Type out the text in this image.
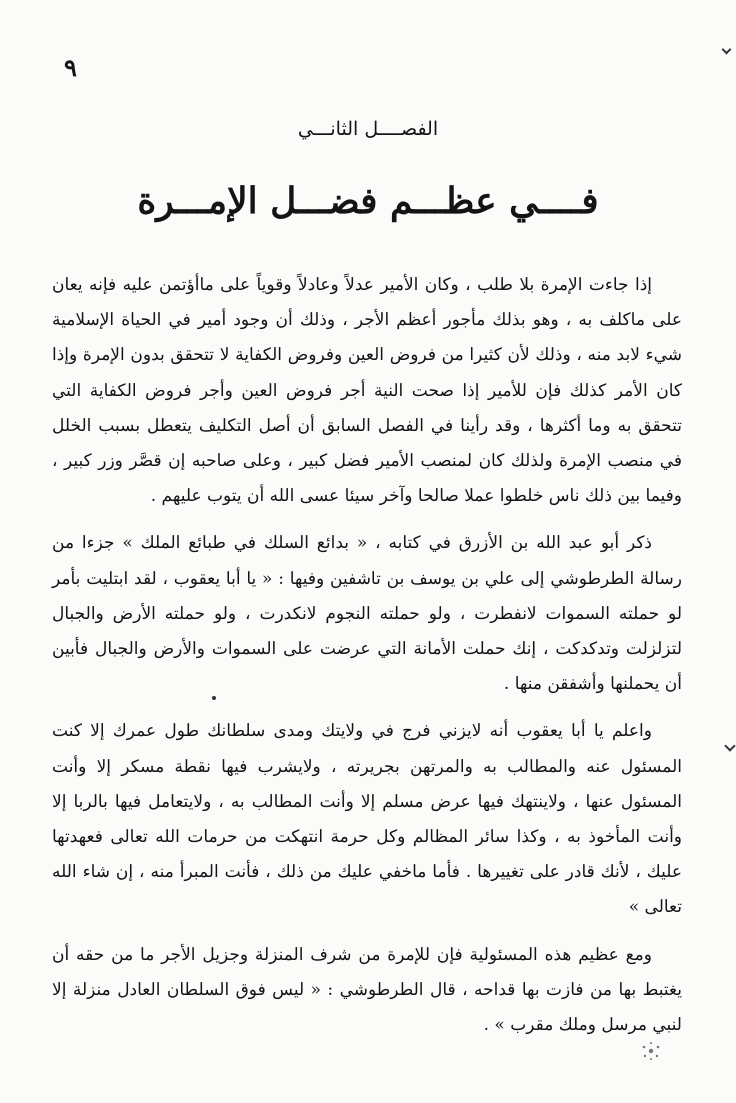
٩
الفصــــل الثانـــي
فــــي عظـــم فضـــل الإمـــرة

إذا جاءت الإمرة بلا طلب ، وكان الأمير عدلاً وعادلاً وقوياً على ماأؤتمن عليه فإنه يعان على ماكلف به ، وهو بذلك مأجور أعظم الأجر ، وذلك أن وجود أمير في الحياة الإسلامية شيء لابد منه ، وذلك لأن كثيرا من فروض العين وفروض الكفاية لا تتحقق بدون الإمرة وإذا كان الأمر كذلك فإن للأمير إذا صحت النية أجر فروض العين وأجر فروض الكفاية التي تتحقق به وما أكثرها ، وقد رأينا في الفصل السابق أن أصل التكليف يتعطل بسبب الخلل في منصب الإمرة ولذلك كان لمنصب الأمير فضل كبير ، وعلى صاحبه إن قصَّر وزر كبير ، وفيما بين ذلك ناس خلطوا عملا صالحا وآخر سيئا عسى الله أن يتوب عليهم .

ذكر أبو عبد الله بن الأزرق في كتابه ، « بدائع السلك في طبائع الملك » جزءا من رسالة الطرطوشي إلى علي بن يوسف بن تاشفين وفيها : « يا أبا يعقوب ، لقد ابتليت بأمر لو حملته السموات لانفطرت ، ولو حملته النجوم لانكدرت ، ولو حملته الأرض والجبال لتزلزلت وتدكدكت ، إنك حملت الأمانة التي عرضت على السموات والأرض والجبال فأبين أن يحملنها وأشفقن منها .

واعلم يا أبا يعقوب أنه لايزني فرج في ولايتك ومدى سلطانك طول عمرك إلا كنت المسئول عنه والمطالب به والمرتهن بجريرته ، ولايشرب فيها نقطة مسكر إلا وأنت المسئول عنها ، ولاينتهك فيها عرض مسلم إلا وأنت المطالب به ، ولايتعامل فيها بالربا إلا وأنت المأخوذ به ، وكذا سائر المظالم وكل حرمة انتهكت من حرمات الله تعالى فعهدتها عليك ، لأنك قادر على تغييرها . فأما ماخفي عليك من ذلك ، فأنت المبرأ منه ، إن شاء الله تعالى »

ومع عظيم هذه المسئولية فإن للإمرة من شرف المنزلة وجزيل الأجر ما من حقه أن يغتبط بها من فازت بها قداحه ، قال الطرطوشي : « ليس فوق السلطان العادل منزلة إلا لنبي مرسل وملك مقرب » .
